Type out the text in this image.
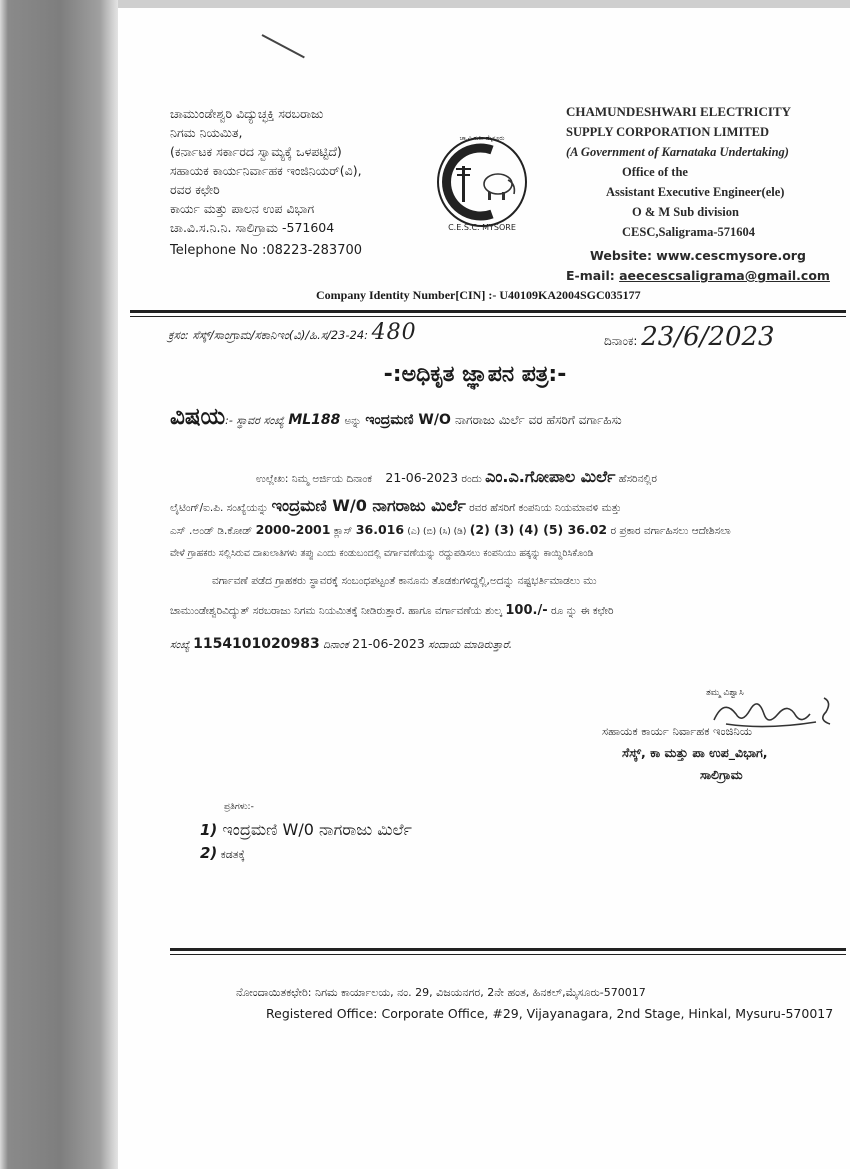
ಚಾಮುಂಡೇಶ್ವರಿ ವಿದ್ಯುಚ್ಛಕ್ತಿ ಸರಬರಾಜು
ನಿಗಮ ನಿಯಮಿತ,
(ಕರ್ನಾಟಕ ಸರ್ಕಾರದ ಸ್ವಾಮ್ಯಕ್ಕೆ ಒಳಪಟ್ಟಿದೆ)
ಸಹಾಯಕ ಕಾರ್ಯನಿರ್ವಾಹಕ ಇಂಜಿನಿಯರ್(ವಿ),
ರವರ ಕಛೇರಿ
ಕಾರ್ಯ ಮತ್ತು ಪಾಲನ ಉಪ ವಿಭಾಗ
ಚಾ.ವಿ.ಸ.ನಿ.ನಿ. ಸಾಲಿಗ್ರಾಮ -571604
Telephone No :08223-283700
C.E.S.C. MYSORE
ಚಾ.ವಿ.ಸ.ನಿ. ಮೈಸೂರು
CHAMUNDESHWARI ELECTRICITY
SUPPLY CORPORATION LIMITED
(A Government of Karnataka Undertaking)
Office of the
Assistant Executive Engineer(ele)
O & M Sub division
CESC,Saligrama-571604
Website: www.cescmysore.org
E-mail: aeecescsaligrama@gmail.com
Company Identity Number[CIN] :- U40109KA2004SGC035177
ಕ್ರಸಂ: ಸೆಸ್ಕ್/ಸಾಂಗ್ರಾಮ/ಸಕಾನಿಇಂ(ವಿ)/ಹಿ.ಸ/23-24: 480	ದಿನಾಂಕ: 23/6/2023
-:ಅಧಿಕೃತ ಜ್ಞಾಪನ ಪತ್ರ:-
ವಿಷಯ:- ಸ್ಥಾವರ ಸಂಖ್ಯೆ ML188 ಅನ್ನು ಇಂದ್ರಮಣಿ W/O ನಾಗರಾಜು ಮಿರ್ಲೆ ವರ ಹೆಸರಿಗೆ ವರ್ಗಾಹಿಸು
ಉಲ್ಲೇಖ: ನಿಮ್ಮ ಅರ್ಜಿಯ ದಿನಾಂಕ 21-06-2023 ರಂದು ಎಂ.ಎ.ಗೋಪಾಲ ಮಿರ್ಲೆ ಹೆಸರಿನಲ್ಲಿರ
ಲೈಟಿಂಗ್/ಐ.ಪಿ. ಸಂಖ್ಯೆಯನ್ನು ಇಂದ್ರಮಣಿ W/0 ನಾಗರಾಜು ಮಿರ್ಲೆ ರವರ ಹೆಸರಿಗೆ ಕಂಪನಿಯ ನಿಯಮಾವಳಿ ಮತ್ತು
ಎಸ್ .ಅಂಡ್ ಡಿ.ಕೋಡ್ 2000-2001 ಕ್ಲಾಸ್ 36.016 (ಎ) (ಬಿ) (ಸಿ) (ಡಿ) (2) (3) (4) (5) 36.02 ರ ಪ್ರಕಾರ ವರ್ಗಾಹಿಸಲು ಆದೇಶಿಸಲಾ
ವೇಳೆ ಗ್ರಾಹಕರು ಸಲ್ಲಿಸಿರುವ ದಾಖಲಾತಿಗಳು ತಪ್ಪು ಎಂದು ಕಂಡುಬಂದಲ್ಲಿ ವರ್ಗಾವಣೆಯನ್ನು ರದ್ದುಪಡಿಸಲು ಕಂಪನಿಯು ಹಕ್ಕನ್ನು ಕಾಯ್ದಿರಿಸಿಕೊಂಡಿ
ವರ್ಗಾವಣೆ ಪಡೆದ ಗ್ರಾಹಕರು ಸ್ಥಾವರಕ್ಕೆ ಸಂಬಂಧಪಟ್ಟಂತೆ ಕಾನೂನು ತೊಡಕುಗಳಿದ್ದಲ್ಲಿ,ಅದನ್ನು ನಷ್ಟಭರ್ತಿಮಾಡಲು ಮು
ಚಾಮುಂಡೇಶ್ವರಿವಿದ್ಯುತ್ ಸರಬರಾಜು ನಿಗಮ ನಿಯಮಿತಕ್ಕೆ ನೀಡಿರುತ್ತಾರೆ. ಹಾಗೂ ವರ್ಗಾವಣೆಯ ಶುಲ್ಕ 100./- ರೂ ನ್ನು ಈ ಕಛೇರಿ
ಸಂಖ್ಯೆ 1154101020983 ದಿನಾಂಕ 21-06-2023 ಸಂದಾಯ ಮಾಡಿರುತ್ತಾರೆ.
ತಮ್ಮ ವಿಶ್ವಾಸಿ
ಸಹಾಯಕ ಕಾರ್ಯ ನಿರ್ವಾಹಕ ಇಂಜಿನಿಯ
ಸೆಸ್ಕ್, ಕಾ ಮತ್ತು ಪಾ ಉಪ_ವಿಭಾಗ,
ಸಾಲಿಗ್ರಾಮ
ಪ್ರತಿಗಳು:-
1) ಇಂದ್ರಮಣಿ W/0 ನಾಗರಾಜು ಮಿರ್ಲೆ
2) ಕಡತಕ್ಕೆ
ನೋಂದಾಯಿತಕಛೇರಿ: ನಿಗಮ ಕಾರ್ಯಾಲಯ, ನಂ. 29, ವಿಜಯನಗರ, 2ನೇ ಹಂತ, ಹಿನಕಲ್,ಮೈಸೂರು-570017
Registered Office: Corporate Office, #29, Vijayanagara, 2nd Stage, Hinkal, Mysuru-570017
